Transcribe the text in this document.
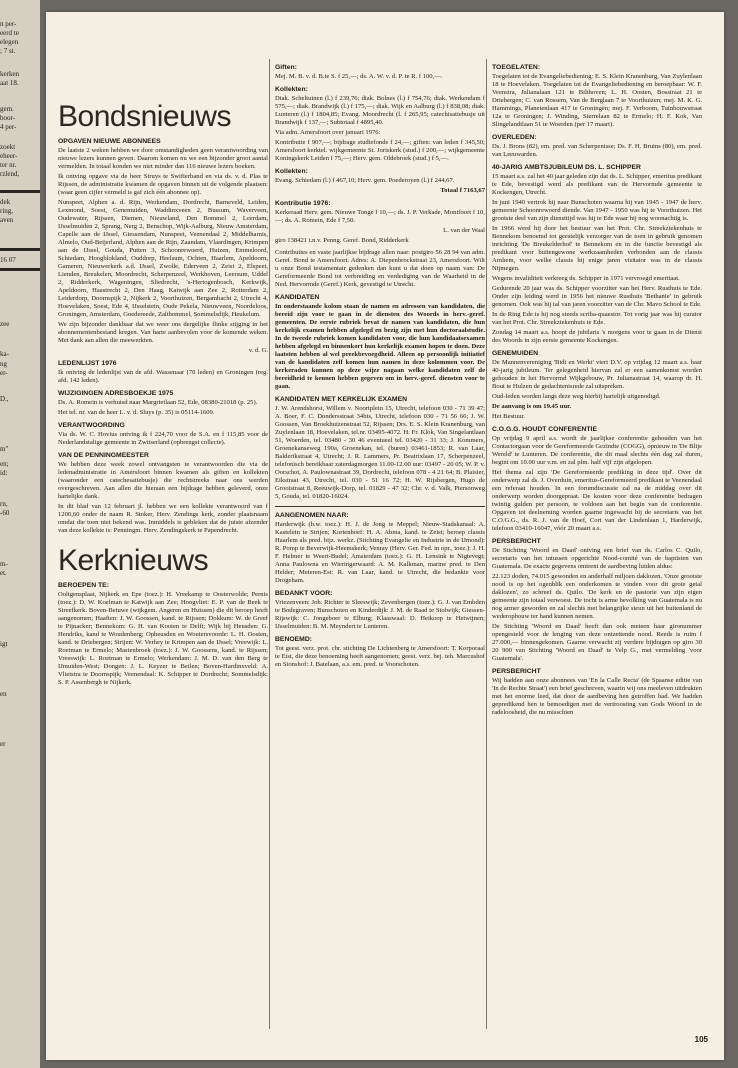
n per-
eerd te
elegen
; 7 st.
kerken
aat 18.
gem.
boor-
4 per-
zoekt
eheer-
ter nr.
rzlend,
dek
ring,
aven
16 07
zee
ka-
ng
er-
D.,
m"
en;
id:
rn,
-60
m-
et.
igt
en
er
Bondsnieuws
OPGAVEN NIEUWE ABONNEES

De laatste 2 weken hebben we door omstandigheden geen verantwoording van nieuwe lezers kunnen geven. Daarom komen nu we een bijzonder groot aantal vermelden. In totaal konden we niet minder dan 116 nieuwe lezers boeken.

Ik ontving opgave via de heer Struys te Swifterband en via ds. v. d. Plas te Rijssen, de administratie kwamen de opgaven binnen uit de volgende plaatsen: (waar geen cijfer vermeld is gaf zich één abonnee op).

Nunspeet, Alphen a. d. Rijn, Werkendam, Dordrecht, Barneveld, Leiden, Lexmond, Soest, Genemuiden, Waddinxveen 2, Bussum, Waverveen, Oudewater, Rijssen, Diemen, Nieuwland, Den Bommel 2, Leerdam, IJsselmuiden 2, Sprang, Nerg 2, Benschop, Wijk-Aalburg, Nieuw Amsterdam, Capelle aan de IJssel, Giessendam, Nunspeet, Veenendaal 2, Middelharnis, Almelo, Oud-Beijerland, Alphen aan de Rijn, Zaandam, Vlaardingen, Krimpen aan de IJssel, Gouda, Putten 3, Schoonrewoerd, Huizen, Emmeloord, Schiedam, Hoogblokland, Ouddorp, Heelsum, Ochten, Haarlem, Apeldoorn, Gameren, Nieuwerkerk a.d. IJssel, Zwolle, Ederveen 2, Zeist 2, Elspeet, Lienden, Breukelen, Moordrecht, Scherpenzeel, Werkhoven, Leersum, Uddel 2, Ridderkerk, Wageningen, Sliedrecht, 's-Hertogenbosch, Kerkwijk, Apeldoorn, Haastrecht 2, Den Haag, Katwijk aan Zee 2, Rotterdam 2, Leiderdorp, Doornspijk 2, Nijkerk 2, Voorthuizen, Bergambacht 2, Utrecht 4, Hoevelaken, Soest, Ede 4, IJsselstein, Oude Pekela, Nieuwveen, Noordeloos, Groningen, Amsterdam, Goedereede, Zaltbommel, Sommelsdijk, Heukelum.

We zijn bijzonder dankbaar dat we weer ons dergelijke flinke stijging in het abonnementenbestand kregen. Van harte aanbevolen voor de komende weken. Met dank aan allen die meewerkten.

v. d. G.

LEDENLIJST 1976

Ik ontving de ledenlijst van de afd. Wassenaar (70 leden) en Groningen (reg. afd. 142 leden).

WIJZIGINGEN ADRESBOEKJE 1975

Ds. A. Romein is verhuisd naar Margrietlaan 52, Ede, 08380-21018 (p. 25).

Het tel. nr. van de heer L. v. d. Sluys (p. 35) is 05114-1609.

VERANTWOORDING

Via ds. W. C. Hovius ontving ik f 224,70 voor de S.A. en f 115,85 voor de Nederlandstalige gemeente in Zwitserland (opbrengst collecte).

VAN DE PENNINGMEESTER

We hebben deze week zowel ontvangsten te verantwoorden die via de ledenadministratie in Amersfoort binnen kwamen als giften en kollekten (waaronder een catechesatiebusje) die rechtstreeks naar ons werden overgeschreven. Aan allen die hieraan een bijdrage hebben geleverd, onze hartelijke dank.

In dit blad van 12 februari jl. hebben we een kollekte verantwoord van f 1200,60 onder de naam R. Stoker, Herv. Zendings kerk, zonder plaatsnaam omdat die toen niet bekend was. Inmiddels is gebleken dat de juiste afzender van deze kollekte is: Penningm. Herv. Zendingskerk te Papendrecht.

Kerknieuws
BEROEPEN TE:

Ooltgensplaat, Nijkerk en Epe (toez.): H. Vreekamp te Oosterwolde; Pernis (toez.): D. W. Koelman te Katwijk aan Zee; Hoogvliet: E. P. van de Beek te Streefkerk. Boven-Betuwe (wijkgem. Angeren en Huissen) die dit beroep heeft aangenomen; Haaften: J. W. Goossen, kand. te Rijssen; Dokkum: W. de Greef te Pijnacker; Bennekom: G. H. van Kooten te Delft; Wijk bij Heusden: G. Hendriks, kand te Woudenberg; Opheusden en Woutersvoorde: L. H. Oosten, kand. te Driebergen; Strijen: W. Verhey te Krimpen aan de IJssel; Vreewijk: L. Roetman te Ermelo; Mastenbroek (toez.): J. W. Goossens, kand. te Rijssen; Vreeswijk: L. Roetman te Ermelo; Werkendam: J. M. D. van den Berg te IJmuiden-West; Dongen: J. L. Keyzer te Beilen; Boven-Hardinxveld: A. Vlietstra te Doornspijk; Veenendaal: K. Schipper te Dordrecht; Sommelsdijk: S. P. Assenbergh te Nijkerk.

Giften:

Mej. M. B. v. d. B.te S. f 25,—; ds. A. W. v. d. P. te R. f 100,—.

Kollekten:

Diak. Scheltuinen (l.) f 239,76; diak. Bolnes (l.) f 754,76; diak. Werkendam f 575,—; diak. Brandwijk (l.) f 175,—; diak. Wijk en Aalburg (l.) f 838,08; diak. Lunteren (l.) f 1804,85; Evang. Moordrecht (l. f 265,95; catechisatiebusje uit Brandwijk f 137,—; Subtotaal f 4895,40.

Via adm. Amersfoort over januari 1976:

Kontributie f 907,—; bijdrage studiefonds f 24,—; giften: van leden f 345,50; Amersfoort kerktel. wijkgemeente St. Joriskerk (stud.) f 200,—; wijkgemeente Koningskerk Leiden f 75,—; Herv. gem. Oldebroek (stud.) f 5,—.

Kollekten:

Evang. Schiedam (l.) f 467,10; Herv. gem. Poederoyen (l.) f 244,67.

Totaal f 7163,67

Kontributie 1976:

Kerkeraad Herv. gem. Nieuwe Tonge f 10,—; ds. J. P. Verkade, Montfoort f 10,—; ds. A. Romein, Ede f 7,50.

L. van der Waal

giro 138421 t.n.v. Penng. Geref. Bond, Ridderkerk

Contributies en vaste jaarlijkse bijdrage allen naar: postgiro 56 28 94 van adm. Geref. Bond te Amersfoort. Adres: A. Diepenbrockstraat 23, Amersfoort. Wilt u onze Bond testamentair gedenken dan kunt u dat doen op naam van: De Gereformeerde Bond tot verbreiding en verdediging van de Waarheid in de Ned. Hervormde (Geref.) Kerk, gevestigd te Utrecht.

KANDIDATEN

In onderstaande kolom staan de namen en adressen van kandidaten, die bereid zijn voor te gaan in de diensten des Woords in herv.-geref. gemeenten. De eerste rubriek bevat de namen van kandidaten, die hun kerkelijk examen hebben afgelegd en bezig zijn met hun doctoraalstudie. In de tweede rubriek komen kandidaten voor, die hun kandidaatsexamen hebben afgelegd en binnenkort hun kerkelijk examen hopen te doen. Deze laatsten hebben al wel preekbevoegdheid. Alleen op persoonlijk initiatief van de kandidaten zelf komen hun namen in deze kolommen voor. De kerkeraden kunnen op deze wijze nagaan welke kandidaten zelf de bereidheid te kennen hebben gegeven om in herv.-geref. diensten voor te gaan.

KANDIDATEN MET KERKELIJK EXAMEN

J. W. Arendshorst, Willem v. Noortplein 15, Utrecht, telefoon 030 - 71 39 47; A. Boer, F. C. Dondersstraat 34bis, Utrecht, telefoon 030 - 71 56 66; J. W. Goossen, Van Broekhuizenstraat 52, Rijssen; Drs. E. S. Klein Kranenburg, van Zuylenlaan 18, Hoevelaken, tel.nr. 03495-4072. H. Fr. Klok, Van Singelantlaan 51, Woerden, tel. 03480 - 30 46 eventueel tel. 03420 - 31 33; J. Kommers, Groenekanseweg 190a, Groenekan, tel. (buren) 03461-1853; R. van Laar, Balderikstraat 4, Utrecht; J. R. Lammers, Pr. Beatrixlaan 17, Scherpenzeel, telefonisch bereikbaar zaterdagmorgen 11.00-12.00 uur: 03497 - 20 05; W. P. v. Oorschot, A. Paulownastraat 39, Dordrecht, telefoon 078 - 4 21 64; B. Plaisier, Eikstraat 43, Utrecht, tel. 030 - 51 16 72; H. W. Rijsbergen, Hugo de Grootstraat 8, Reeuwijk-Dorp, tel. 01829 - 47 32; Chr. v. d. Valk, Piersonweg 5, Gouda, tel. 01820-16024.

AANGENOMEN NAAR:

Harderwijk (b.w. toez.): H. J. de Jong te Meppel; Nieuw-Stadskanaal: A. Kastelein te Strijen; Kortenhoef: H. A. Abma, kand. te Zeist; beroep classis Haarlem als pred. bijz. werkz. (Stichting Evangelie en Industrie in de IJmond): R. Pomp te Beverwijk-Heemskerk; Venray (Herv. Ger. Fed. in opr., toez.): J. H. F. Helmer te Weert-Budel; Amsterdam (toez.): G. H. Lensink te Nigtevegt; Anna Paulowna en Wieringerwaard: A. M. Kalkman, marine pred. te Den Helder; Meteren-Est: R. van Laar, kand. te Utrecht, die bedankte voor Drogeham.

BEDANKT VOOR:

Vriezenveen: Joh. Richter te Sleeswijk; Zevenbergen (toez.): G. J. van Embden te Bodegraven; Bunschoten en Kinderdijk: J. M. de Raad te Stolwijk; Giessen-Rijswijk: C. Jongeboer te Elburg; Klaaswaal: D. Heikoop te Hetwijnen; IJsselmuiden: B. M. Meyndert te Lunteren.

BENOEMD:

Tot geest. verz. prot. chr. stichting De Lichtenberg te Amersfoort: T. Korporaal te Eist, die deze benoeming heeft aangenomen; geest. verz. bej. teh. Marcushof en Sionshof: J. Batelaan, a.s. em. pred. te Voorschoten.

TOEGELATEN:

Toegelaten tot de Evangeliebediening: E. S. Klein Kranenburg, Van Zuylenlaan 18 te Hoevelaken. Toegelaten tot de Evangeliebediening en beroepbaar: W. F. Veenstra, Julianalaan 121 te Bilthoven; L. H. Oosten, Bosstraat 21 te Driebergen; C. van Rossem, Van de Berglaan 7 te Voorthuizen; mej. M. K. G. Hammings, Planetenlaan 417 te Groningen; mej. F. Verboom, Tuinbouwstraat 12a te Groningen; J. Winding, Sterrelaan 82 te Ermelo; H. F. Kok, Van Slingelandtlaan 51 te Woerden (per 17 maart).

OVERLEDEN:

Ds. J. Brons (82), em. pred. van Scherpenisse; Ds. F. H. Bruins (80), em. pred. van Leeuwarden.

40-JARIG AMBTSJUBILEUM DS. L. SCHIPPER

15 maart a.s. zal het 40 jaar geleden zijn dat ds. L. Schipper, emeritus predikant te Ede, bevestigd werd als predikant van de Hervormde gemeente te Kockengen, Utrecht.

In juni 1940 vertrok hij naar Bunschoten waarna hij van 1945 - 1947 de herv. gemeente Schoonrewoerd diende. Van 1947 - 1950 was hij te Voorthuizen. Het grootste deel van zijn diensttijd was hij te Ede waar hij nog woonachtig is.

In 1966 werd hij door het bestuur van het Prot. Chr. Streekziekenhuis te Bennekom benoemd tot geestelijk verzorger van de toen in gebruik genomen inrichting 'De Breukelderhof' te Bennekom en in die functie bevestigd als predikant voor buitengewone werkzaamheden verbonden aan de classis Arnhem, voor welke classis hij enige jaren visitator was in de classis Nijmegen.

Wegens invaliditeit verkreeg ds. Schipper in 1971 vervroegd emeritaat.

Gedurende 20 jaar was ds. Schipper voorzitter van het Herv. Rusthuis te Ede. Onder zijn leiding werd in 1956 het nieuwe Rusthuis 'Bethanie' in gebruik genomen. Ook was hij tal van jaren voorzitter van de Chr. Mavo School te Ede.

In de Ring Ede is hij nog steeds scriba-quaestor. Tot vorig jaar was hij curator van het Prot. Chr. Streekziekenhuis te Ede.

Zondag 14 maart a.s. hoopt de jubilaris 's morgens voor te gaan in de Dienst des Woords in zijn eerste gemeente Kockengen.

GENEMUIDEN

De Mannenvereniging 'Bidt en Werkt' viert D.V. op vrijdag 12 maart a.s. haar 40-jarig jubileum. Ter gelegenheid hiervan zal er een samenkomst worden gehouden in het Hervormd Wijkgebouw, Pr. Julianastraat 14, waarop dr. H. Bout te Hulzen de gedachtenisrede zal uitspreken.

Oud-leden worden langs deze weg hierbij hartelijk uitgenodigd.

De aanvang is om 19.45 uur.

Het Bestuur.

C.O.G.G. HOUDT CONFERENTIE

Op vrijdag 9 april a.s. wordt de jaarlijkse conferentie gehouden van het Contactorgaan voor de Gereformeerde Gezindte (COGG), opnieuw in 'De Blije Wereld' te Lunteren. De conferentie, die dit maal slechts één dag zal duren, begint om 10.00 uur v.m. en zal plm. half vijf zijn afgelopen.

Het thema zal zijn 'De Gereformeerde prediking in deze tijd'. Over dit onderwerp zal ds. J. Overduin, emeritus-Gereformeerd predikant te Veenendaal een referaat houden. In een forumdiscussie zal na de middag over dit onderwerp worden doorgepraat. De kosten voor deze conferentie bedragen twintig gulden per persoon, te voldoen aan het begin van de conferentie. Opgaven tot deelneming worden gaarne ingewacht bij de secretaris van het C.O.G.G., ds. R. J. van de Hoef, Cort van der Lindenlaan 1, Harderwijk, telefoon 03410-16047, vóór 20 maart a.s.

PERSBERICHT

De Stichting 'Woord en Daad' ontving een brief van ds. Carlos C. Quilo, secretaris van het intussen opgerichte Nood-comité van de baptisten van Guatemala. De exacte gegevens omtrent de aardbeving luiden aldus:

22.123 doden, 74.015 gewonden en anderhalf miljoen daklozen. 'Onze grootste nood is op het ogenblik een onderkomen te vinden voor dit grote getal daklozen', zo schreef ds. Quilo. 'De kerk en de pastorie van zijn eigen gemeente zijn totaal verwoest. De tocht is arme bevolking van Guatemala is nu nog armer geworden en zal slechts met belangrijke steun uit het buitenland de wederopbouw ter hand kunnen nemen.

De Stichting 'Woord en Daad' heeft dan ook meteen haar gironummer opengesteld voor de lenging van deze ontzettende nood. Reeds is ruim f 27.000,— binnengekomen. Gaarne verwacht zij verdere bijdragen op giro 30 20 900 van Stichting 'Woord en Daad' te Velp G., met vermelding 'voor Guatemala'.

PERSBERICHT

Wij hadden aan onze abonnees van 'En la Calle Recta' (de Spaanse editie van 'In de Rechte Straat') een brief geschreven, waarin wij ons meeleven uitdrukten met het enorme leed, dat door de aardbeving hen getroffen had. We hadden gepredikend hen te bemoedigen met de vertroosting van Gods Woord in de radeloosheid, die nu misschien

105
